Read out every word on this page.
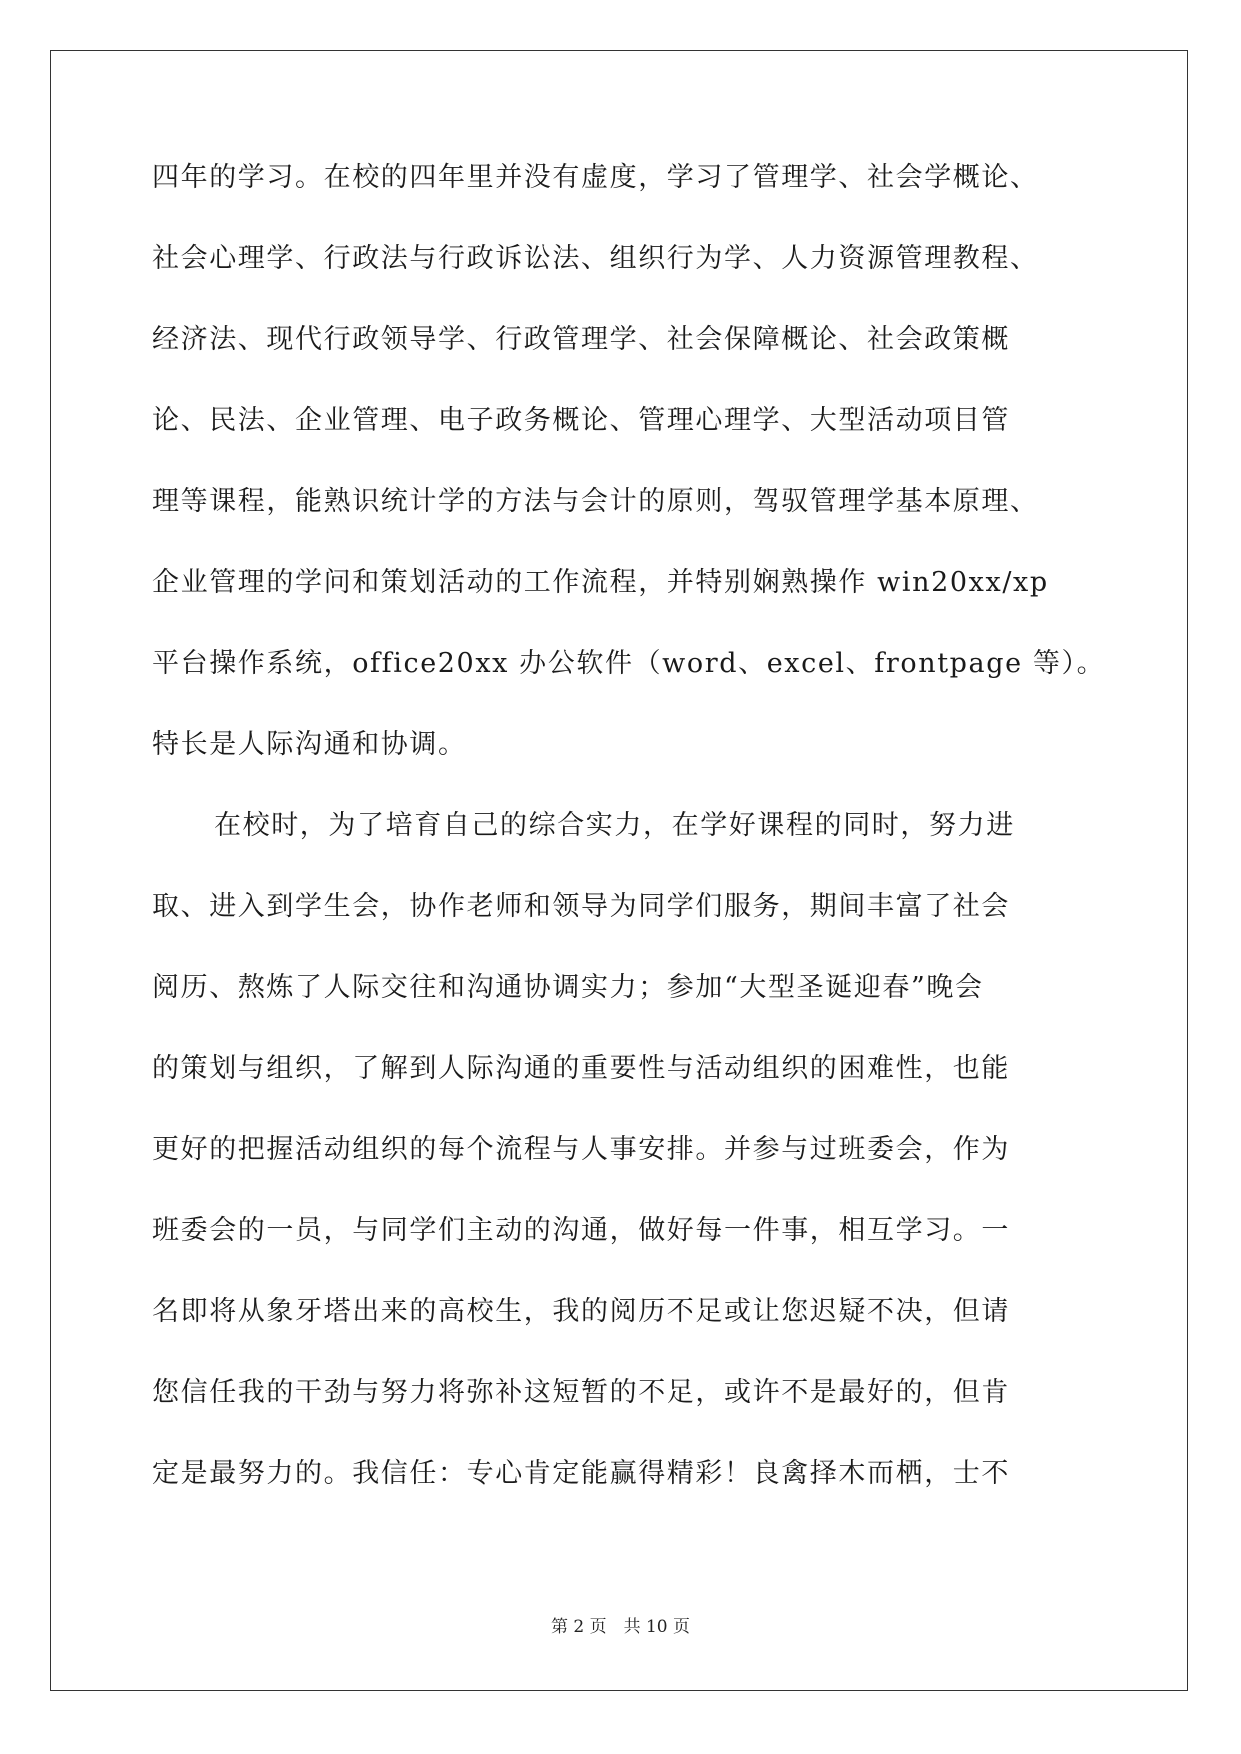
四年的学习。在校的四年里并没有虚度，学习了管理学、社会学概论、
社会心理学、行政法与行政诉讼法、组织行为学、人力资源管理教程、
经济法、现代行政领导学、行政管理学、社会保障概论、社会政策概
论、民法、企业管理、电子政务概论、管理心理学、大型活动项目管
理等课程，能熟识统计学的方法与会计的原则，驾驭管理学基本原理、
企业管理的学问和策划活动的工作流程，并特别娴熟操作 win20xx/xp
平台操作系统，office20xx 办公软件（word、excel、frontpage 等）。
特长是人际沟通和协调。
在校时，为了培育自己的综合实力，在学好课程的同时，努力进
取、进入到学生会，协作老师和领导为同学们服务，期间丰富了社会
阅历、熬炼了人际交往和沟通协调实力；参加“大型圣诞迎春”晚会
的策划与组织，了解到人际沟通的重要性与活动组织的困难性，也能
更好的把握活动组织的每个流程与人事安排。并参与过班委会，作为
班委会的一员，与同学们主动的沟通，做好每一件事，相互学习。一
名即将从象牙塔出来的高校生，我的阅历不足或让您迟疑不决，但请
您信任我的干劲与努力将弥补这短暂的不足，或许不是最好的，但肯
定是最努力的。我信任：专心肯定能赢得精彩！良禽择木而栖，士不
第 2 页　共 10 页
